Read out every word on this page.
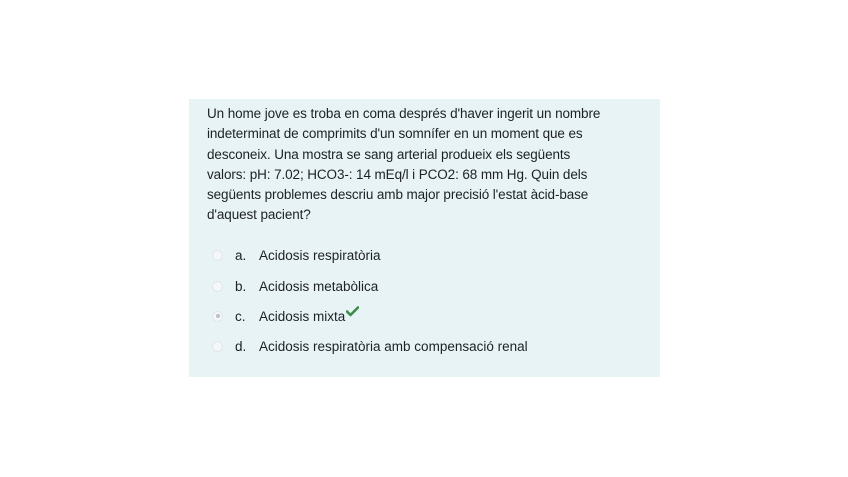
Un home jove es troba en coma després d'haver ingerit un nombre
indeterminat de comprimits d'un somnífer en un moment que es
desconeix. Una mostra se sang arterial produeix els següents
valors: pH: 7.02; HCO3-: 14 mEq/l i PCO2: 68 mm Hg. Quin dels
següents problemes descriu amb major precisió l'estat àcid-base
d'aquest pacient?

a. Acidosis respiratòria
b. Acidosis metabòlica
c. Acidosis mixta
d. Acidosis respiratòria amb compensació renal
